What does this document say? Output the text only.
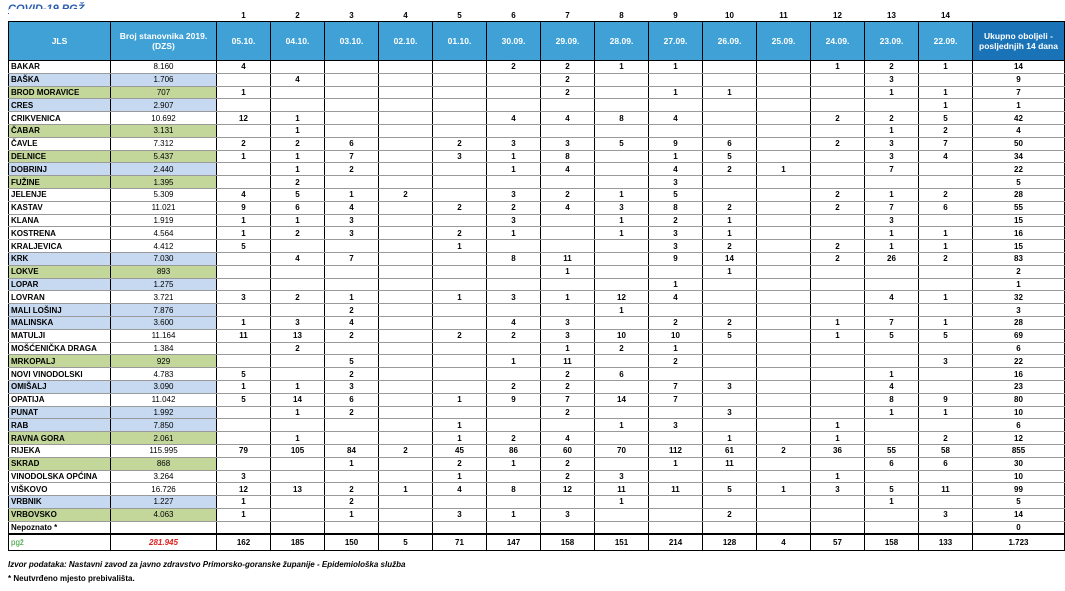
		1	2	3	4	5	6	7	8	9	10	11	12	13	14	
JLS	Broj stanovnika 2019. (DZS)	05.10.	04.10.	03.10.	02.10.	01.10.	30.09.	29.09.	28.09.	27.09.	26.09.	25.09.	24.09.	23.09.	22.09.	Ukupno oboljeli - posljednjih 14 dana
BAKAR	8.160	4					2	2	1	1			1	2	1	14
BAŠKA	1.706		4					2						3		9
BROD MORAVICE	707	1						2		1	1			1	1	7
CRES	2.907														1	1
CRIKVENICA	10.692	12	1				4	4	8	4			2	2	5	42
ČABAR	3.131		1											1	2	4
ČAVLE	7.312	2	2	6		2	3	3	5	9	6		2	3	7	50
DELNICE	5.437	1	1	7		3	1	8		1	5			3	4	34
DOBRINJ	2.440		1	2			1	4		4	2	1		7		22
FUŽINE	1.395		2							3						5
JELENJE	5.309	4	5	1	2		3	2	1	5			2	1	2	28
KASTAV	11.021	9	6	4		2	2	4	3	8	2		2	7	6	55
KLANA	1.919	1	1	3			3		1	2	1			3		15
KOSTRENA	4.564	1	2	3		2	1		1	3	1			1	1	16
KRALJEVICA	4.412	5				1				3	2		2	1	1	15
KRK	7.030		4	7			8	11		9	14		2	26	2	83
LOKVE	893							1			1					2
LOPAR	1.275									1						1
LOVRAN	3.721	3	2	1		1	3	1	12	4				4	1	32
MALI LOŠINJ	7.876			2					1							3
MALINSKA	3.600	1	3	4			4	3		2	2		1	7	1	28
MATULJI	11.164	11	13	2		2	2	3	10	10	5		1	5	5	69
MOŠĆENIČKA DRAGA	1.384		2					1	2	1						6
MRKOPALJ	929			5			1	11		2					3	22
NOVI VINODOLSKI	4.783	5		2				2	6					1		16
OMIŠALJ	3.090	1	1	3			2	2		7	3			4		23
OPATIJA	11.042	5	14	6		1	9	7	14	7				8	9	80
PUNAT	1.992		1	2				2			3			1	1	10
RAB	7.850					1			1	3			1			6
RAVNA GORA	2.061		1			1	2	4			1		1		2	12
RIJEKA	115.995	79	105	84	2	45	86	60	70	112	61	2	36	55	58	855
SKRAD	868			1		2	1	2		1	11			6	6	30
VINODOLSKA OPĆINA	3.264	3				1		2	3				1			10
VIŠKOVO	16.726	12	13	2	1	4	8	12	11	11	5	1	3	5	11	99
VRBNIK	1.227	1		2					1					1		5
VRBOVSKO	4.063	1		1		3	1	3			2				3	14
Nepoznato *																0
pgž	281.945	162	185	150	5	71	147	158	151	214	128	4	57	158	133	1.723
Izvor podataka: Nastavni zavod za javno zdravstvo Primorsko-goranske županije - Epidemiološka služba
* Neutvrđeno mjesto prebivališta.
